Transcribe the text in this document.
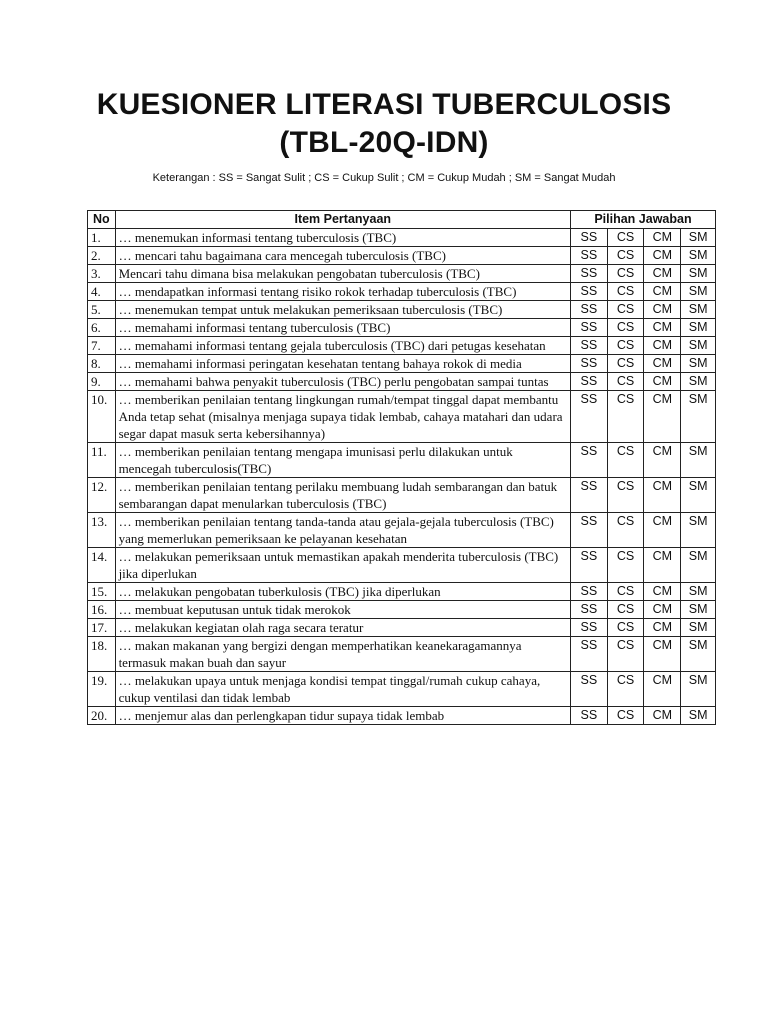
KUESIONER LITERASI TUBERCULOSIS
(TBL-20Q-IDN)
Keterangan : SS = Sangat Sulit ; CS = Cukup Sulit ; CM = Cukup Mudah ; SM = Sangat Mudah
No	Item Pertanyaan	Pilihan Jawaban			
1.	… menemukan informasi tentang tuberculosis (TBC)	SS	CS	CM	SM
2.	… mencari tahu bagaimana cara mencegah tuberculosis (TBC)	SS	CS	CM	SM
3.	Mencari tahu dimana bisa melakukan pengobatan tuberculosis (TBC)	SS	CS	CM	SM
4.	… mendapatkan informasi tentang risiko rokok terhadap tuberculosis (TBC)	SS	CS	CM	SM
5.	… menemukan tempat untuk melakukan pemeriksaan tuberculosis (TBC)	SS	CS	CM	SM
6.	… memahami informasi tentang tuberculosis (TBC)	SS	CS	CM	SM
7.	… memahami informasi tentang gejala tuberculosis (TBC) dari petugas kesehatan	SS	CS	CM	SM
8.	… memahami informasi peringatan kesehatan tentang bahaya rokok di media	SS	CS	CM	SM
9.	… memahami bahwa penyakit tuberculosis (TBC) perlu pengobatan sampai tuntas	SS	CS	CM	SM
10.	… memberikan penilaian tentang lingkungan rumah/tempat tinggal dapat membantu Anda tetap sehat (misalnya menjaga supaya tidak lembab, cahaya matahari dan udara segar dapat masuk serta kebersihannya)	SS	CS	CM	SM
11.	… memberikan penilaian tentang mengapa imunisasi perlu dilakukan untuk mencegah tuberculosis(TBC)	SS	CS	CM	SM
12.	… memberikan penilaian tentang perilaku membuang ludah sembarangan dan batuk sembarangan dapat menularkan tuberculosis (TBC)	SS	CS	CM	SM
13.	… memberikan penilaian tentang tanda-tanda atau gejala-gejala tuberculosis (TBC) yang memerlukan pemeriksaan ke pelayanan kesehatan	SS	CS	CM	SM
14.	… melakukan pemeriksaan untuk memastikan apakah menderita tuberculosis (TBC) jika diperlukan	SS	CS	CM	SM
15.	… melakukan pengobatan tuberkulosis (TBC) jika diperlukan	SS	CS	CM	SM
16.	… membuat keputusan untuk tidak merokok	SS	CS	CM	SM
17.	… melakukan kegiatan olah raga secara teratur	SS	CS	CM	SM
18.	… makan makanan yang bergizi dengan memperhatikan keanekaragamannya termasuk makan buah dan sayur	SS	CS	CM	SM
19.	… melakukan upaya untuk menjaga kondisi tempat tinggal/rumah cukup cahaya, cukup ventilasi dan tidak lembab	SS	CS	CM	SM
20.	… menjemur alas dan perlengkapan tidur supaya tidak lembab	SS	CS	CM	SM
